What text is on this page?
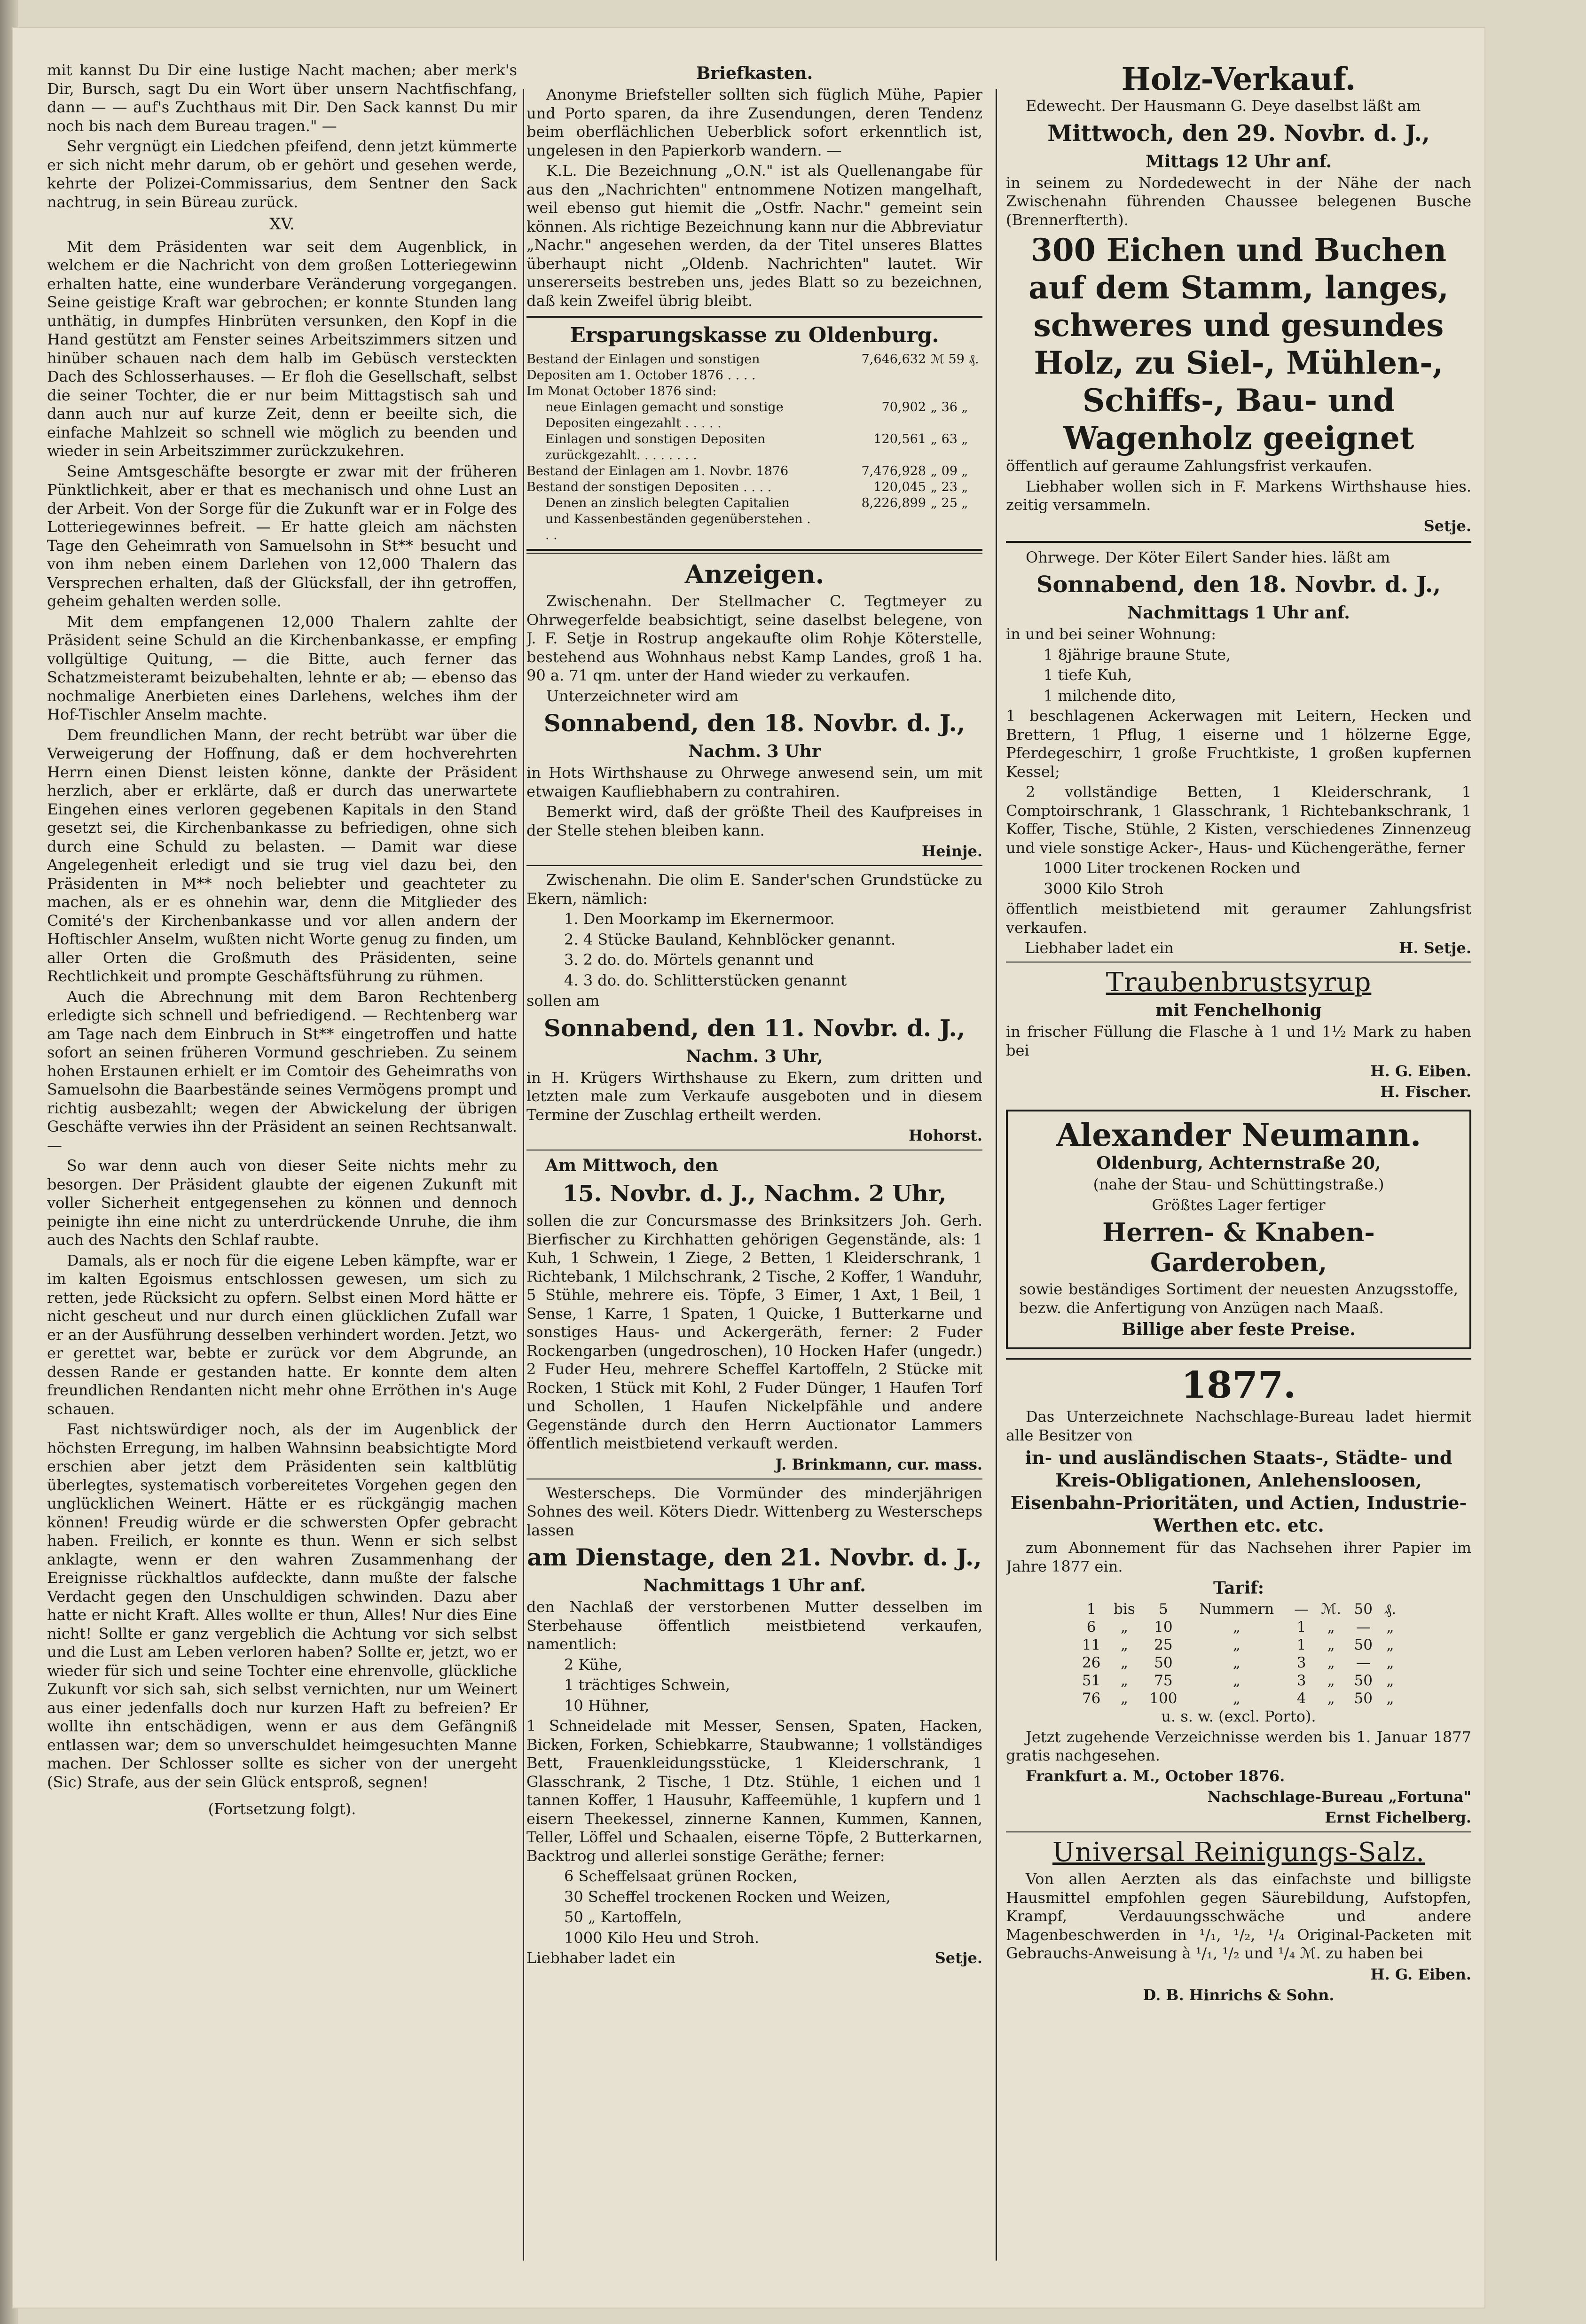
mit kannst Du Dir eine lustige Nacht machen; aber merk's Dir, Bursch, sagt Du ein Wort über unsern Nachtfischfang, dann — — auf's Zuchthaus mit Dir. Den Sack kannst Du mir noch bis nach dem Bureau tragen." —

Sehr vergnügt ein Liedchen pfeifend, denn jetzt kümmerte er sich nicht mehr darum, ob er gehört und gesehen werde, kehrte der Polizei-Commissarius, dem Sentner den Sack nachtrug, in sein Büreau zurück.

XV.

Mit dem Präsidenten war seit dem Augenblick, in welchem er die Nachricht von dem großen Lotteriegewinn erhalten hatte, eine wunderbare Veränderung vorgegangen. Seine geistige Kraft war gebrochen; er konnte Stunden lang unthätig, in dumpfes Hinbrüten versunken, den Kopf in die Hand gestützt am Fenster seines Arbeitszimmers sitzen und hinüber schauen nach dem halb im Gebüsch versteckten Dach des Schlosserhauses. — Er floh die Gesellschaft, selbst die seiner Tochter, die er nur beim Mittagstisch sah und dann auch nur auf kurze Zeit, denn er beeilte sich, die einfache Mahlzeit so schnell wie möglich zu beenden und wieder in sein Arbeitszimmer zurückzukehren.

Seine Amtsgeschäfte besorgte er zwar mit der früheren Pünktlichkeit, aber er that es mechanisch und ohne Lust an der Arbeit. Von der Sorge für die Zukunft war er in Folge des Lotteriegewinnes befreit. — Er hatte gleich am nächsten Tage den Geheimrath von Samuelsohn in St** besucht und von ihm neben einem Darlehen von 12,000 Thalern das Versprechen erhalten, daß der Glücksfall, der ihn getroffen, geheim gehalten werden solle.

Mit dem empfangenen 12,000 Thalern zahlte der Präsident seine Schuld an die Kirchenbankasse, er empfing vollgültige Quitung, — die Bitte, auch ferner das Schatzmeisteramt beizubehalten, lehnte er ab; — ebenso das nochmalige Anerbieten eines Darlehens, welches ihm der Hof-Tischler Anselm machte.

Dem freundlichen Mann, der recht betrübt war über die Verweigerung der Hoffnung, daß er dem hochverehrten Herrn einen Dienst leisten könne, dankte der Präsident herzlich, aber er erklärte, daß er durch das unerwartete Eingehen eines verloren gegebenen Kapitals in den Stand gesetzt sei, die Kirchenbankasse zu befriedigen, ohne sich durch eine Schuld zu belasten. — Damit war diese Angelegenheit erledigt und sie trug viel dazu bei, den Präsidenten in M** noch beliebter und geachteter zu machen, als er es ohnehin war, denn die Mitglieder des Comité's der Kirchenbankasse und vor allen andern der Hoftischler Anselm, wußten nicht Worte genug zu finden, um aller Orten die Großmuth des Präsidenten, seine Rechtlichkeit und prompte Geschäftsführung zu rühmen.

Auch die Abrechnung mit dem Baron Rechtenberg erledigte sich schnell und befriedigend. — Rechtenberg war am Tage nach dem Einbruch in St** eingetroffen und hatte sofort an seinen früheren Vormund geschrieben. Zu seinem hohen Erstaunen erhielt er im Comtoir des Geheimraths von Samuelsohn die Baarbestände seines Vermögens prompt und richtig ausbezahlt; wegen der Abwickelung der übrigen Geschäfte verwies ihn der Präsident an seinen Rechtsanwalt. —

So war denn auch von dieser Seite nichts mehr zu besorgen. Der Präsident glaubte der eigenen Zukunft mit voller Sicherheit entgegensehen zu können und dennoch peinigte ihn eine nicht zu unterdrückende Unruhe, die ihm auch des Nachts den Schlaf raubte.

Damals, als er noch für die eigene Leben kämpfte, war er im kalten Egoismus entschlossen gewesen, um sich zu retten, jede Rücksicht zu opfern. Selbst einen Mord hätte er nicht gescheut und nur durch einen glücklichen Zufall war er an der Ausführung desselben verhindert worden. Jetzt, wo er gerettet war, bebte er zurück vor dem Abgrunde, an dessen Rande er gestanden hatte. Er konnte dem alten freundlichen Rendanten nicht mehr ohne Erröthen in's Auge schauen.

Fast nichtswürdiger noch, als der im Augenblick der höchsten Erregung, im halben Wahnsinn beabsichtigte Mord erschien aber jetzt dem Präsidenten sein kaltblütig überlegtes, systematisch vorbereitetes Vorgehen gegen den unglücklichen Weinert. Hätte er es rückgängig machen können! Freudig würde er die schwersten Opfer gebracht haben. Freilich, er konnte es thun. Wenn er sich selbst anklagte, wenn er den wahren Zusammenhang der Ereignisse rückhaltlos aufdeckte, dann mußte der falsche Verdacht gegen den Unschuldigen schwinden. Dazu aber hatte er nicht Kraft. Alles wollte er thun, Alles! Nur dies Eine nicht! Sollte er ganz vergeblich die Achtung vor sich selbst und die Lust am Leben verloren haben? Sollte er, jetzt, wo er wieder für sich und seine Tochter eine ehrenvolle, glückliche Zukunft vor sich sah, sich selbst vernichten, nur um Weinert aus einer jedenfalls doch nur kurzen Haft zu befreien? Er wollte ihn entschädigen, wenn er aus dem Gefängniß entlassen war; dem so unverschuldet heimgesuchten Manne machen. Der Schlosser sollte es sicher von der unergeht (Sic) Strafe, aus der sein Glück entsproß, segnen!

(Fortsetzung folgt).

Briefkasten.

Anonyme Briefsteller sollten sich füglich Mühe, Papier und Porto sparen, da ihre Zusendungen, deren Tendenz beim oberflächlichen Ueberblick sofort erkenntlich ist, ungelesen in den Papierkorb wandern. —

K.L. Die Bezeichnung „O.N." ist als Quellenangabe für aus den „Nachrichten" entnommene Notizen mangelhaft, weil ebenso gut hiemit die „Ostfr. Nachr." gemeint sein können. Als richtige Bezeichnung kann nur die Abbreviatur „Nachr." angesehen werden, da der Titel unseres Blattes überhaupt nicht „Oldenb. Nachrichten" lautet. Wir unsererseits bestreben uns, jedes Blatt so zu bezeichnen, daß kein Zweifel übrig bleibt.

Ersparungskasse zu Oldenburg.

Bestand der Einlagen und sonstigen Depositen am 1. October 1876 . . . .	7,646,632	ℳ 59 ₰.
Im Monat October 1876 sind:		
neue Einlagen gemacht und sonstige Depositen eingezahlt . . . . .	70,902	„ 36 „
Einlagen und sonstigen Depositen zurückgezahlt. . . . . . . .	120,561	„ 63 „
Bestand der Einlagen am 1. Novbr. 1876	7,476,928	„ 09 „
Bestand der sonstigen Depositen . . . .	120,045	„ 23 „
Denen an zinslich belegten Capitalien und Kassenbeständen gegenüberstehen . . .	8,226,899	„ 25 „

Anzeigen.

Zwischenahn. Der Stellmacher C. Tegtmeyer zu Ohrwegerfelde beabsichtigt, seine daselbst belegene, von J. F. Setje in Rostrup angekaufte olim Rohje Köterstelle, bestehend aus Wohnhaus nebst Kamp Landes, groß 1 ha. 90 a. 71 qm. unter der Hand wieder zu verkaufen.

Unterzeichneter wird am

Sonnabend, den 18. Novbr. d. J.,

Nachm. 3 Uhr

in Hots Wirthshause zu Ohrwege anwesend sein, um mit etwaigen Kaufliebhabern zu contrahiren.

Bemerkt wird, daß der größte Theil des Kaufpreises in der Stelle stehen bleiben kann.

Heinje.

Zwischenahn. Die olim E. Sander'schen Grundstücke zu Ekern, nämlich:

1. Den Moorkamp im Ekernermoor.

2. 4 Stücke Bauland, Kehnblöcker genannt.

3. 2 do. do. Mörtels genannt und

4. 3 do. do. Schlitterstücken genannt

sollen am

Sonnabend, den 11. Novbr. d. J.,

Nachm. 3 Uhr,

in H. Krügers Wirthshause zu Ekern, zum dritten und letzten male zum Verkaufe ausgeboten und in diesem Termine der Zuschlag ertheilt werden.

Hohorst.

Am Mittwoch, den

15. Novbr. d. J., Nachm. 2 Uhr,

sollen die zur Concursmasse des Brinksitzers Joh. Gerh. Bierfischer zu Kirchhatten gehörigen Gegenstände, als: 1 Kuh, 1 Schwein, 1 Ziege, 2 Betten, 1 Kleiderschrank, 1 Richtebank, 1 Milchschrank, 2 Tische, 2 Koffer, 1 Wanduhr, 5 Stühle, mehrere eis. Töpfe, 3 Eimer, 1 Axt, 1 Beil, 1 Sense, 1 Karre, 1 Spaten, 1 Quicke, 1 Butterkarne und sonstiges Haus- und Ackergeräth, ferner: 2 Fuder Rockengarben (ungedroschen), 10 Hocken Hafer (ungedr.) 2 Fuder Heu, mehrere Scheffel Kartoffeln, 2 Stücke mit Rocken, 1 Stück mit Kohl, 2 Fuder Dünger, 1 Haufen Torf und Schollen, 1 Haufen Nickelpfähle und andere Gegenstände durch den Herrn Auctionator Lammers öffentlich meistbietend verkauft werden.

J. Brinkmann, cur. mass.

Westerscheps. Die Vormünder des minderjährigen Sohnes des weil. Köters Diedr. Wittenberg zu Westerscheps lassen

am Dienstage, den 21. Novbr. d. J.,

Nachmittags 1 Uhr anf.

den Nachlaß der verstorbenen Mutter desselben im Sterbehause öffentlich meistbietend verkaufen, namentlich:

2 Kühe,

1 trächtiges Schwein,

10 Hühner,

1 Schneidelade mit Messer, Sensen, Spaten, Hacken, Bicken, Forken, Schiebkarre, Staubwanne; 1 vollständiges Bett, Frauenkleidungsstücke, 1 Kleiderschrank, 1 Glasschrank, 2 Tische, 1 Dtz. Stühle, 1 eichen und 1 tannen Koffer, 1 Hausuhr, Kaffeemühle, 1 kupfern und 1 eisern Theekessel, zinnerne Kannen, Kummen, Kannen, Teller, Löffel und Schaalen, eiserne Töpfe, 2 Butterkarnen, Backtrog und allerlei sonstige Geräthe; ferner:

6 Scheffelsaat grünen Rocken,

30 Scheffel trockenen Rocken und Weizen,

50 „ Kartoffeln,

1000 Kilo Heu und Stroh.

Liebhaber ladet ein	Setje.

Holz-Verkauf.

Edewecht. Der Hausmann G. Deye daselbst läßt am

Mittwoch, den 29. Novbr. d. J.,

Mittags 12 Uhr anf.

in seinem zu Nordedewecht in der Nähe der nach Zwischenahn führenden Chaussee belegenen Busche (Brennerfterth).

300 Eichen und Buchen auf dem Stamm, langes, schweres und gesundes Holz, zu Siel-, Mühlen-, Schiffs-, Bau- und Wagenholz geeignet

öffentlich auf geraume Zahlungsfrist verkaufen.

Liebhaber wollen sich in F. Markens Wirthshause hies. zeitig versammeln.

Setje.

Ohrwege. Der Köter Eilert Sander hies. läßt am

Sonnabend, den 18. Novbr. d. J.,

Nachmittags 1 Uhr anf.

in und bei seiner Wohnung:

1 8jährige braune Stute,

1 tiefe Kuh,

1 milchende dito,

1 beschlagenen Ackerwagen mit Leitern, Hecken und Brettern, 1 Pflug, 1 eiserne und 1 hölzerne Egge, Pferdegeschirr, 1 große Fruchtkiste, 1 großen kupfernen Kessel;

2 vollständige Betten, 1 Kleiderschrank, 1 Comptoirschrank, 1 Glasschrank, 1 Richtebankschrank, 1 Koffer, Tische, Stühle, 2 Kisten, verschiedenes Zinnenzeug und viele sonstige Acker-, Haus- und Küchengeräthe, ferner

1000 Liter trockenen Rocken und

3000 Kilo Stroh

öffentlich meistbietend mit geraumer Zahlungsfrist verkaufen.

Liebhaber ladet ein	H. Setje.

Traubenbrustsyrup

mit Fenchelhonig

in frischer Füllung die Flasche à 1 und 1½ Mark zu haben bei

H. G. Eiben.

H. Fischer.

Alexander Neumann.

Oldenburg, Achternstraße 20,

(nahe der Stau- und Schüttingstraße.)

Größtes Lager fertiger

Herren- & Knaben-Garderoben,

sowie beständiges Sortiment der neuesten Anzugsstoffe, bezw. die Anfertigung von Anzügen nach Maaß.

Billige aber feste Preise.

1877.

Das Unterzeichnete Nachschlage-Bureau ladet hiermit alle Besitzer von

in- und ausländischen Staats-, Städte- und Kreis-Obligationen, Anlehensloosen, Eisenbahn-Prioritäten, und Actien, Industrie-Werthen etc. etc.

zum Abonnement für das Nachsehen ihrer Papier im Jahre 1877 ein.

Tarif:

1	bis	5	Nummern	—	ℳ.	50	₰.
6	„	10	„	1	„	—	„
11	„	25	„	1	„	50	„
26	„	50	„	3	„	—	„
51	„	75	„	3	„	50	„
76	„	100	„	4	„	50	„

u. s. w. (excl. Porto).

Jetzt zugehende Verzeichnisse werden bis 1. Januar 1877 gratis nachgesehen.

Frankfurt a. M., October 1876.

Nachschlage-Bureau „Fortuna"

Ernst Fichelberg.

Universal Reinigungs-Salz.

Von allen Aerzten als das einfachste und billigste Hausmittel empfohlen gegen Säurebildung, Aufstopfen, Krampf, Verdauungsschwäche und andere Magenbeschwerden in ¹/₁, ¹/₂, ¹/₄ Original-Packeten mit Gebrauchs-Anweisung à ¹/₁, ¹/₂ und ¹/₄ ℳ. zu haben bei

H. G. Eiben.

D. B. Hinrichs & Sohn.
